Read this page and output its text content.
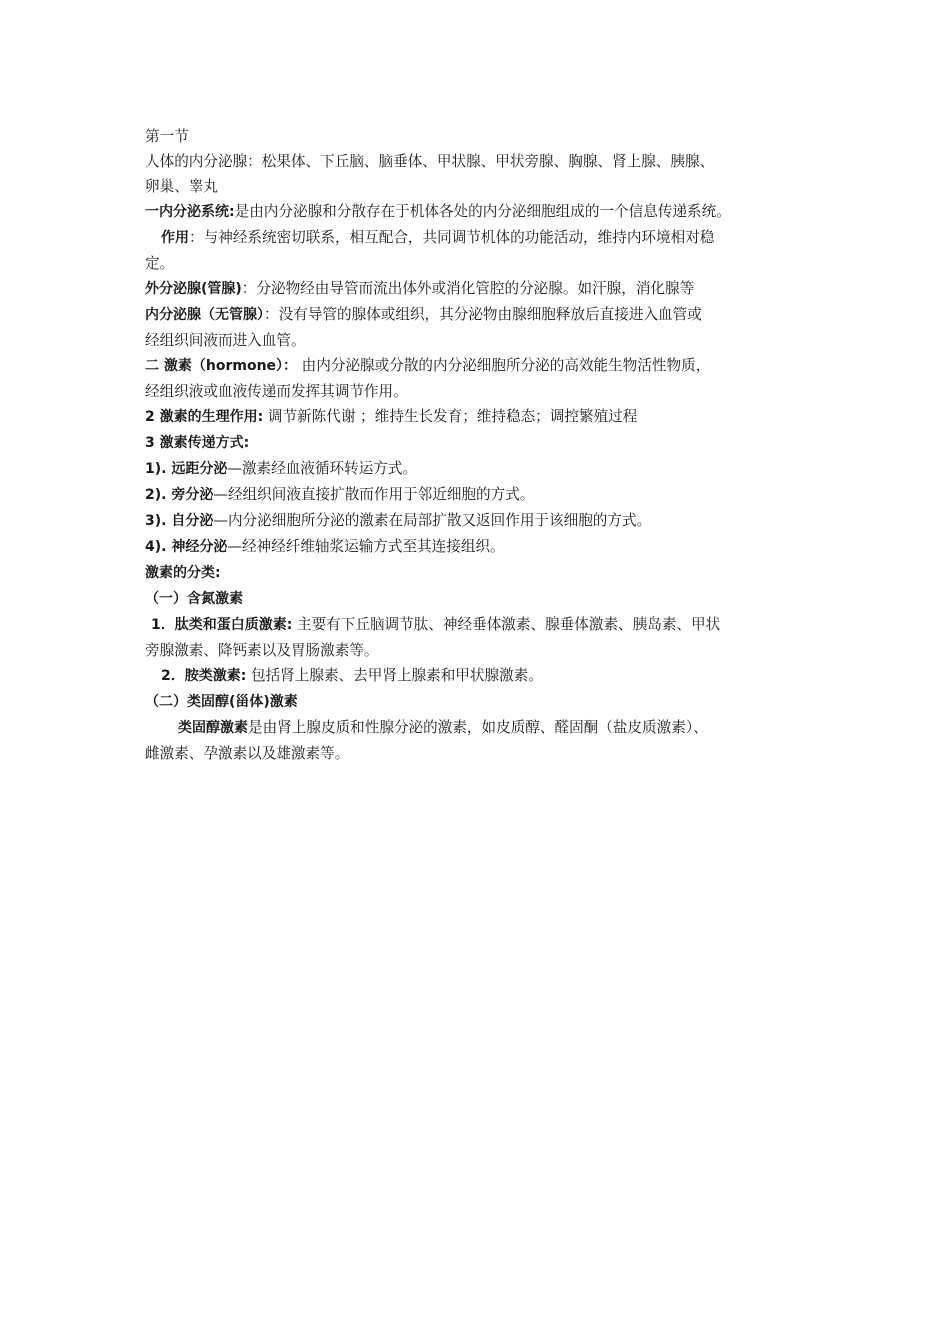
第一节

人体的内分泌腺：松果体、下丘脑、脑垂体、甲状腺、甲状旁腺、胸腺、肾上腺、胰腺、

卵巢、睾丸

一内分泌系统:是由内分泌腺和分散存在于机体各处的内分泌细胞组成的一个信息传递系统。

作用：与神经系统密切联系，相互配合，共同调节机体的功能活动，维持内环境相对稳

定。

外分泌腺(管腺)：分泌物经由导管而流出体外或消化管腔的分泌腺。如汗腺，消化腺等

内分泌腺（无管腺）：没有导管的腺体或组织，其分泌物由腺细胞释放后直接进入血管或

经组织间液而进入血管。

二 激素（hormone）： 由内分泌腺或分散的内分泌细胞所分泌的高效能生物活性物质，

经组织液或血液传递而发挥其调节作用。

2 激素的生理作用: 调节新陈代谢 ；维持生长发育；维持稳态；调控繁殖过程

3 激素传递方式:

1). 远距分泌—激素经血液循环转运方式。

2). 旁分泌—经组织间液直接扩散而作用于邻近细胞的方式。

3). 自分泌—内分泌细胞所分泌的激素在局部扩散又返回作用于该细胞的方式。

4). 神经分泌—经神经纤维轴浆运输方式至其连接组织。

激素的分类:

（一）含氮激素

1．肽类和蛋白质激素: 主要有下丘脑调节肽、神经垂体激素、腺垂体激素、胰岛素、甲状

旁腺激素、降钙素以及胃肠激素等。

2．胺类激素: 包括肾上腺素、去甲肾上腺素和甲状腺激素。

（二）类固醇(甾体)激素

类固醇激素是由肾上腺皮质和性腺分泌的激素，如皮质醇、醛固酮（盐皮质激素）、

雌激素、孕激素以及雄激素等。
